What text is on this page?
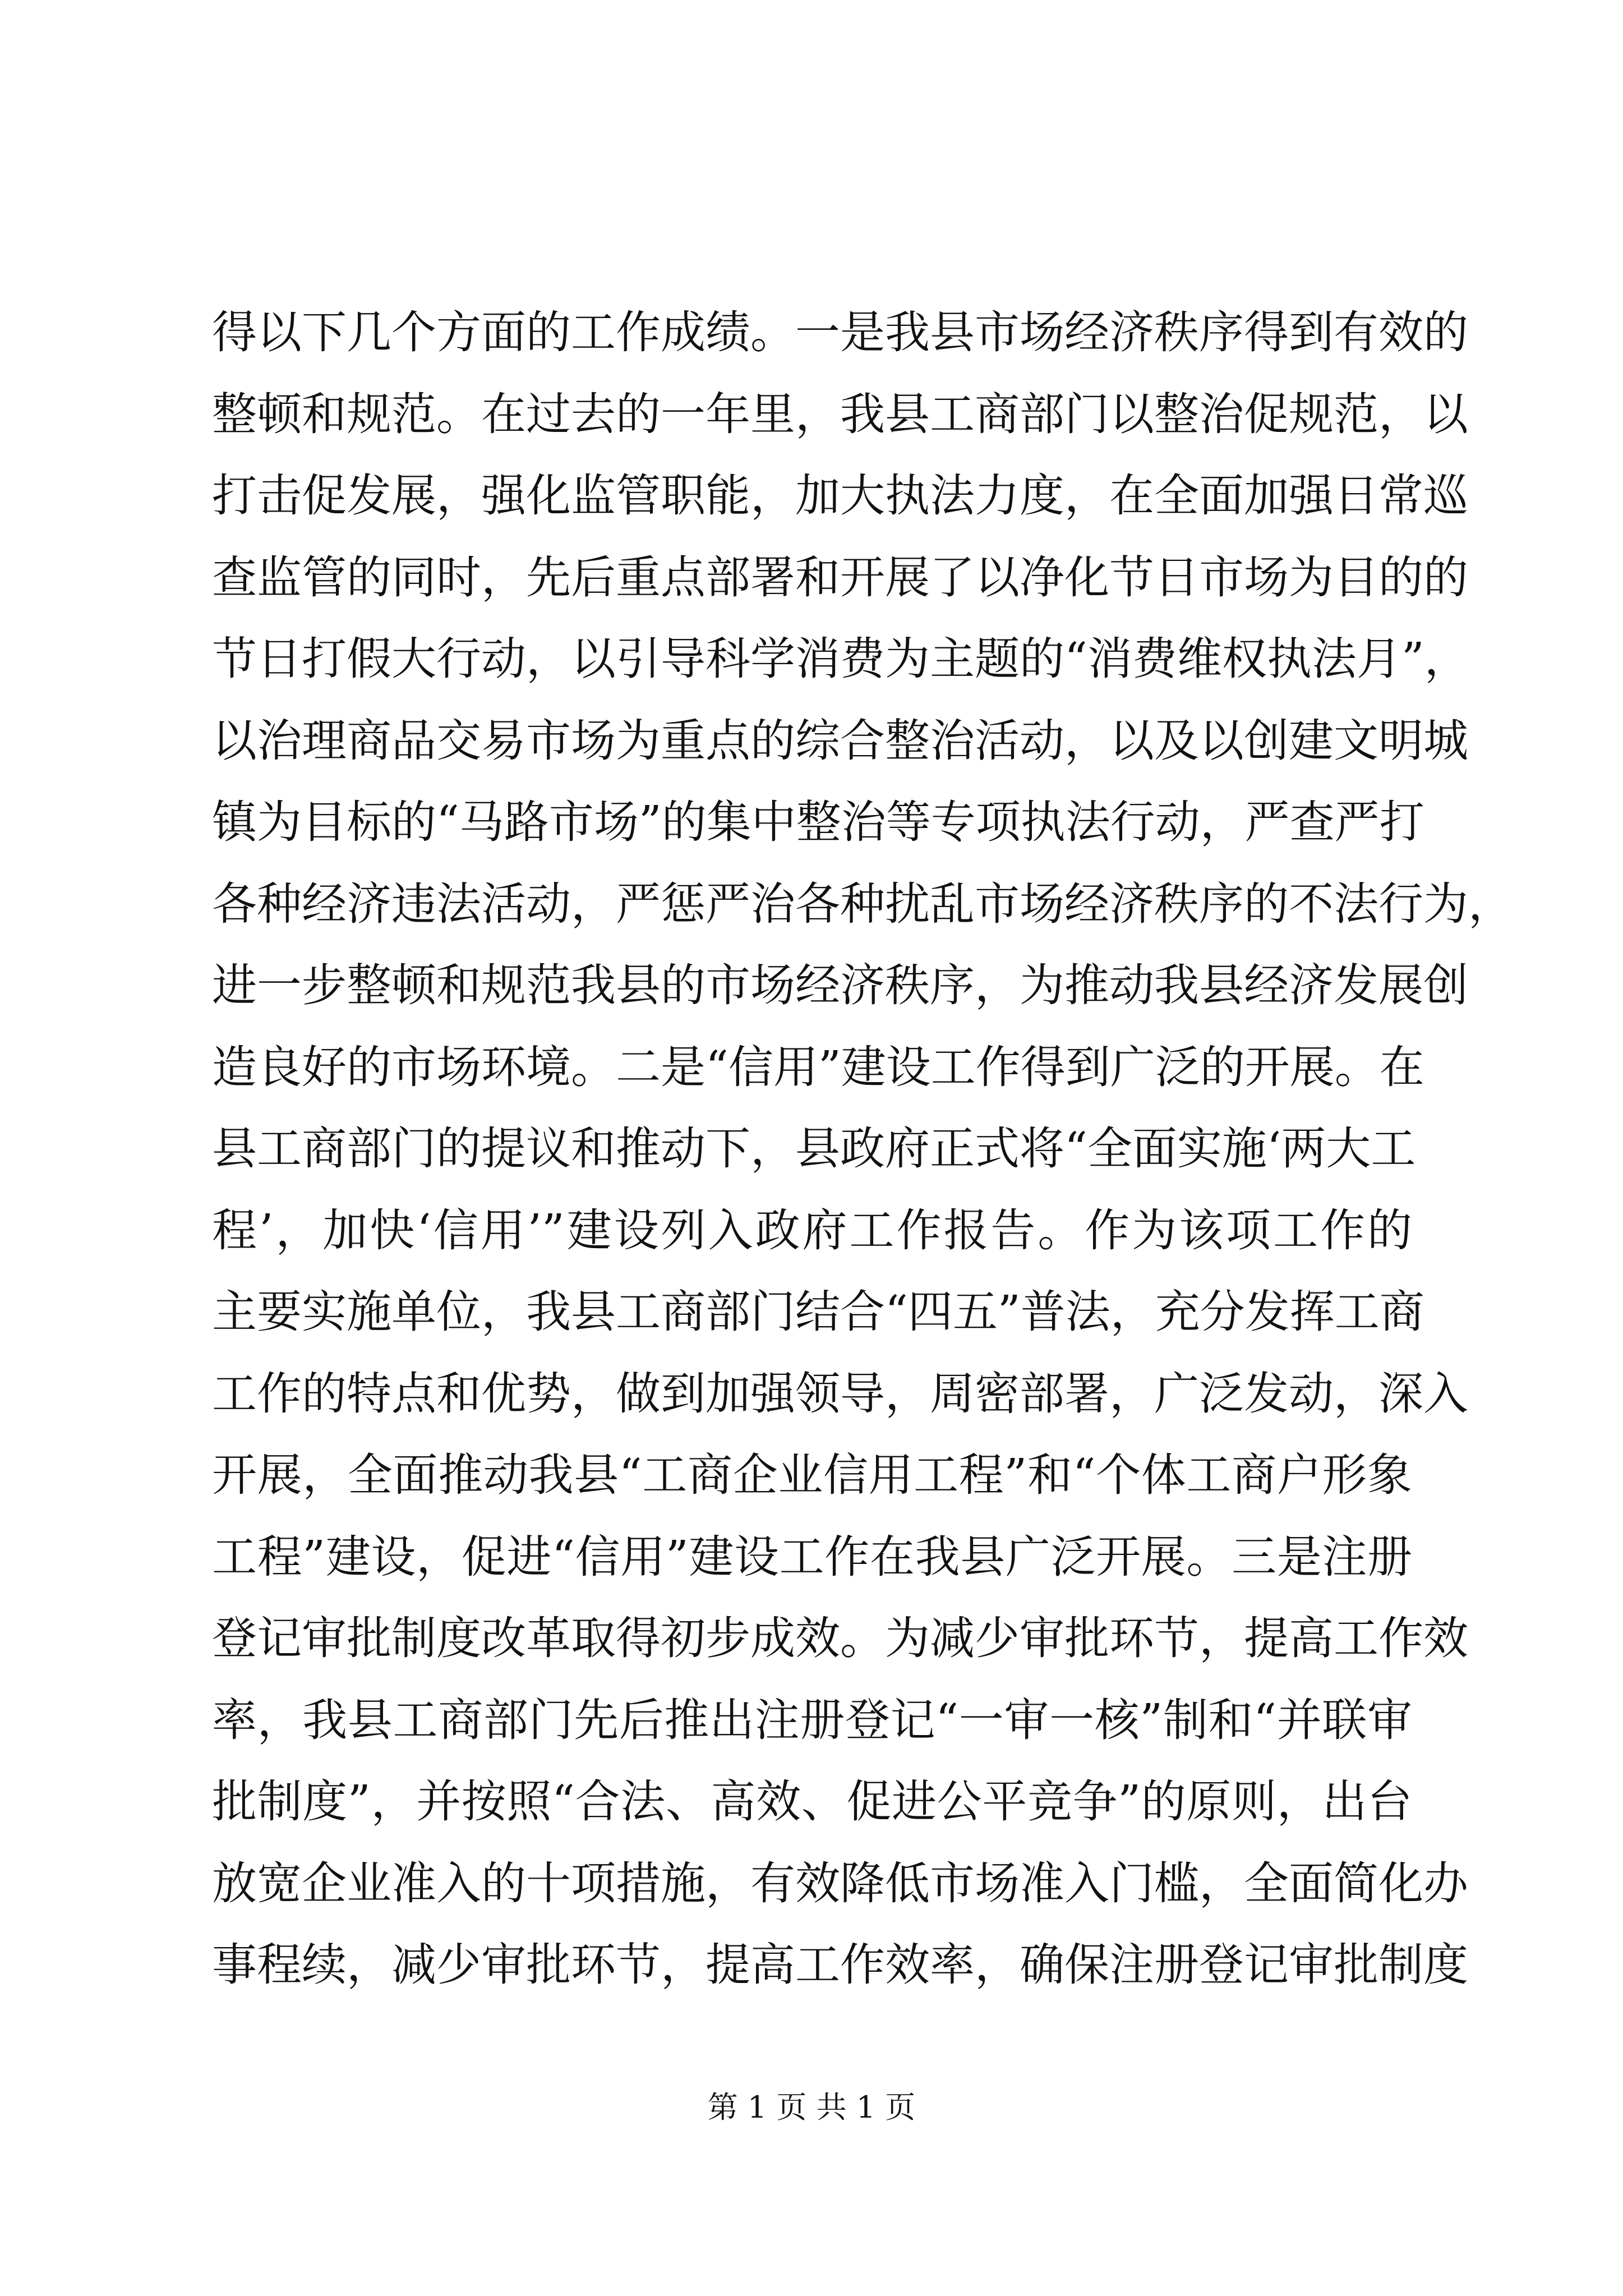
得以下几个方面的工作成绩。一是我县市场经济秩序得到有效的
整顿和规范。在过去的一年里，我县工商部门以整治促规范，以
打击促发展，强化监管职能，加大执法力度，在全面加强日常巡
查监管的同时，先后重点部署和开展了以净化节日市场为目的的
节日打假大行动，以引导科学消费为主题的“消费维权执法月”，
以治理商品交易市场为重点的综合整治活动，以及以创建文明城
镇为目标的“马路市场”的集中整治等专项执法行动，严查严打
各种经济违法活动，严惩严治各种扰乱市场经济秩序的不法行为，
进一步整顿和规范我县的市场经济秩序，为推动我县经济发展创
造良好的市场环境。二是“信用”建设工作得到广泛的开展。在
县工商部门的提议和推动下，县政府正式将“全面实施‘两大工
程’，加快‘信用’”建设列入政府工作报告。作为该项工作的
主要实施单位，我县工商部门结合“四五”普法，充分发挥工商
工作的特点和优势，做到加强领导，周密部署，广泛发动，深入
开展，全面推动我县“工商企业信用工程”和“个体工商户形象
工程”建设，促进“信用”建设工作在我县广泛开展。三是注册
登记审批制度改革取得初步成效。为减少审批环节，提高工作效
率，我县工商部门先后推出注册登记“一审一核”制和“并联审
批制度”，并按照“合法、高效、促进公平竞争”的原则，出台
放宽企业准入的十项措施，有效降低市场准入门槛，全面简化办
事程续，减少审批环节，提高工作效率，确保注册登记审批制度
第 1 页 共 1 页
